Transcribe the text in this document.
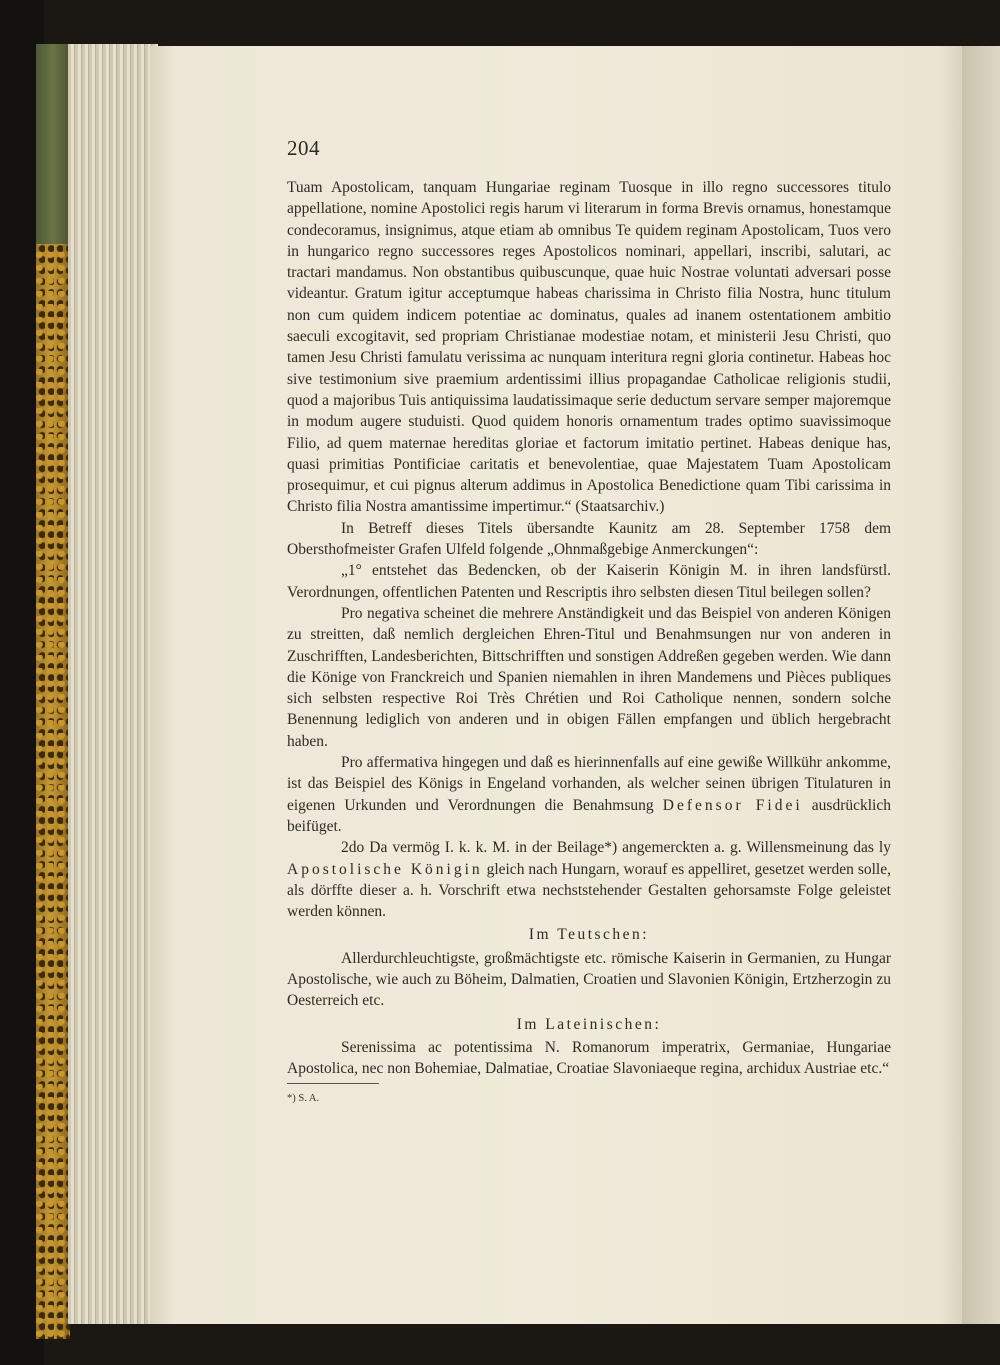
204

Tuam Apostolicam, tanquam Hungariae reginam Tuosque in illo regno successores titulo appellatione, nomine Apostolici regis harum vi literarum in forma Brevis ornamus, honestamque condecoramus, insignimus, atque etiam ab omnibus Te quidem reginam Apostolicam, Tuos vero in hungarico regno successores reges Apostolicos nominari, appellari, inscribi, salutari, ac tractari mandamus. Non obstantibus quibuscunque, quae huic Nostrae voluntati adversari posse videantur. Gratum igitur acceptumque habeas charissima in Christo filia Nostra, hunc titulum non cum quidem indicem potentiae ac dominatus, quales ad inanem ostentationem ambitio saeculi excogitavit, sed propriam Christianae modestiae notam, et ministerii Jesu Christi, quo tamen Jesu Christi famulatu verissima ac nunquam interitura regni gloria continetur. Habeas hoc sive testimonium sive praemium ardentissimi illius propagandae Catholicae religionis studii, quod a majoribus Tuis antiquissima laudatissimaque serie deductum servare semper majoremque in modum augere studuisti. Quod quidem honoris ornamentum trades optimo suavissimoque Filio, ad quem maternae hereditas gloriae et factorum imitatio pertinet. Habeas denique has, quasi primitias Pontificiae caritatis et benevolentiae, quae Majestatem Tuam Apostolicam prosequimur, et cui pignus alterum addimus in Apostolica Benedictione quam Tibi carissima in Christo filia Nostra amantissime impertimur.“ (Staatsarchiv.)

In Betreff dieses Titels übersandte Kaunitz am 28. September 1758 dem Obersthofmeister Grafen Ulfeld folgende „Ohnmaßgebige Anmerckungen“:

„1° entstehet das Bedencken, ob der Kaiserin Königin M. in ihren landsfürstl. Verordnungen, offentlichen Patenten und Rescriptis ihro selbsten diesen Titul beilegen sollen?

Pro negativa scheinet die mehrere Anständigkeit und das Beispiel von anderen Königen zu streitten, daß nemlich dergleichen Ehren-Titul und Benahmsungen nur von anderen in Zuschrifften, Landesberichten, Bittschrifften und sonstigen Addreßen gegeben werden. Wie dann die Könige von Franckreich und Spanien niemahlen in ihren Mandemens und Pièces publiques sich selbsten respective Roi Très Chrétien und Roi Catholique nennen, sondern solche Benennung lediglich von anderen und in obigen Fällen empfangen und üblich hergebracht haben.

Pro affermativa hingegen und daß es hierinnenfalls auf eine gewiße Willkühr ankomme, ist das Beispiel des Königs in Engeland vorhanden, als welcher seinen übrigen Titulaturen in eigenen Urkunden und Verordnungen die Benahmsung Defensor Fidei ausdrücklich beifüget.

2do Da vermög I. k. k. M. in der Beilage*) angemerckten a. g. Willensmeinung das ly Apostolische Königin gleich nach Hungarn, worauf es appelliret, gesetzet werden solle, als dörffte dieser a. h. Vorschrift etwa nechststehender Gestalten gehorsamste Folge geleistet werden können.

Im Teutschen:

Allerdurchleuchtigste, großmächtigste etc. römische Kaiserin in Germanien, zu Hungar Apostolische, wie auch zu Böheim, Dalmatien, Croatien und Slavonien Königin, Ertzherzogin zu Oesterreich etc.

Im Lateinischen:

Serenissima ac potentissima N. Romanorum imperatrix, Germaniae, Hungariae Apostolica, nec non Bohemiae, Dalmatiae, Croatiae Slavoniaeque regina, archidux Austriae etc.“

*) S. A.
